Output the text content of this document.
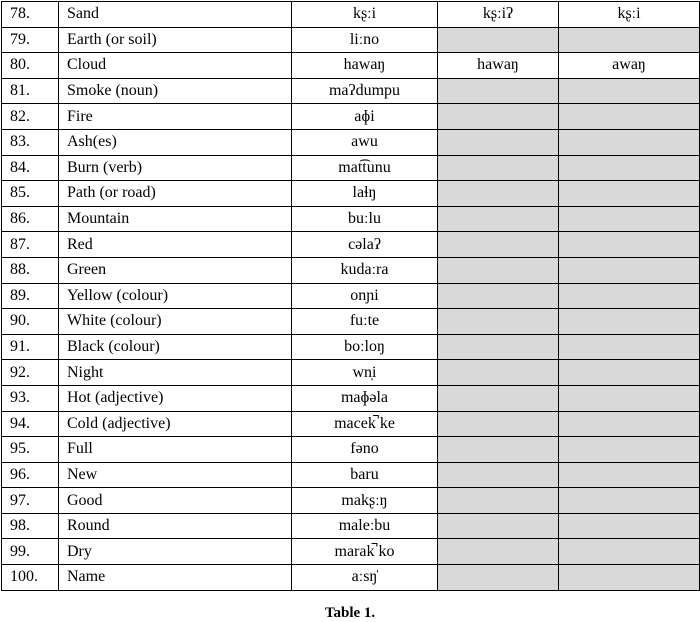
78.	Sand	kʂːi	kʂːiʔ	kʂːi
79.	Earth (or soil)	liːno		
80.	Cloud	hawaŋ	hawaŋ	awaŋ
81.	Smoke (noun)	maʔdumpu		
82.	Fire	aɸi		
83.	Ash(es)	awu		
84.	Burn (verb)	mat͡tunu		
85.	Path (or road)	laɬŋ		
86.	Mountain	buːlu		
87.	Red	cəlaʔ		
88.	Green	kudaːra		
89.	Yellow (colour)	onɲi		
90.	White (colour)	fuːte		
91.	Black (colour)	boːloŋ		
92.	Night	wn̩i		
93.	Hot (adjective)	maɸəla		
94.	Cold (adjective)	macek̚ ke		
95.	Full	fəno		
96.	New	baru		
97.	Good	makʂːŋ		
98.	Round	maleːbu		
99.	Dry	marak̚ ko		
100.	Name	aːsŋ̍		
Table 1.
